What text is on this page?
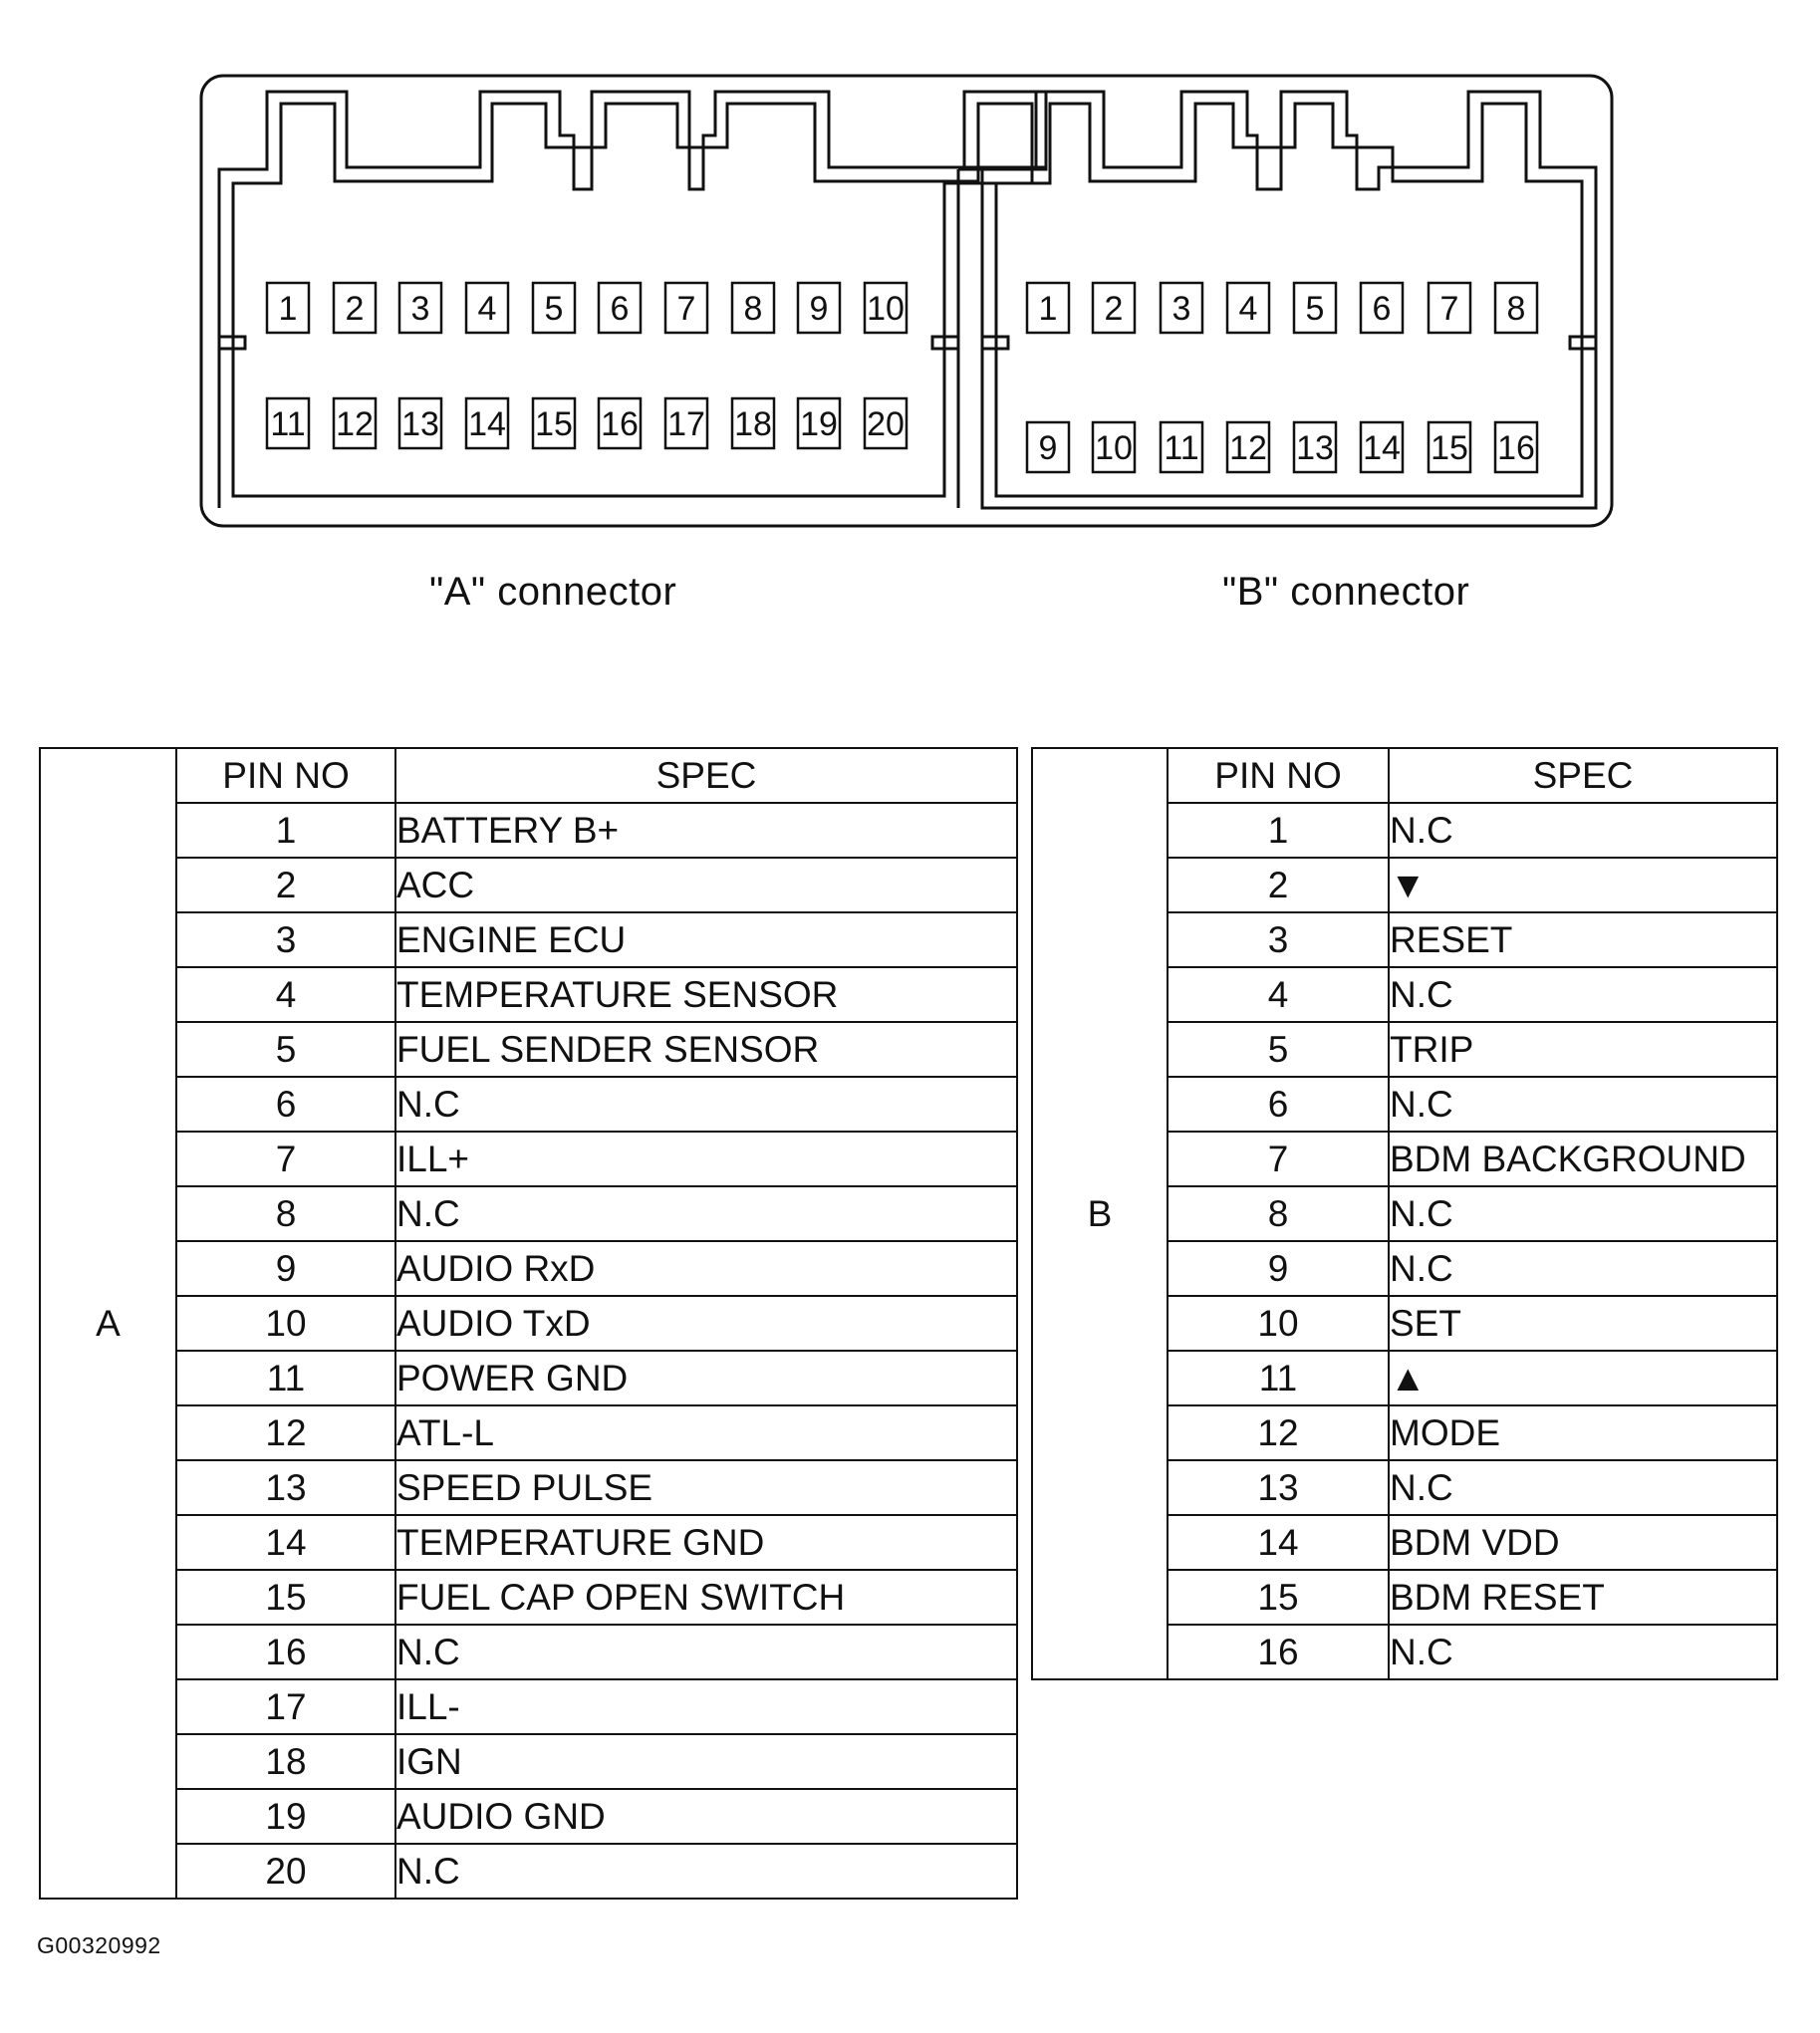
1 2 3 4 5 6 7 8 9 10
11 12 13 14 15 16 17 18 19 20
1 2 3 4 5 6 7 8
9 10 11 12 13 14 15 16
"A" connector	"B" connector
A	PIN NO	SPEC
	1	BATTERY B+
	2	ACC
	3	ENGINE ECU
	4	TEMPERATURE SENSOR
	5	FUEL SENDER SENSOR
	6	N.C
	7	ILL+
	8	N.C
	9	AUDIO RxD
	10	AUDIO TxD
	11	POWER GND
	12	ATL-L
	13	SPEED PULSE
	14	TEMPERATURE GND
	15	FUEL CAP OPEN SWITCH
	16	N.C
	17	ILL-
	18	IGN
	19	AUDIO GND
	20	N.C
B	PIN NO	SPEC
	1	N.C
	2	▼
	3	RESET
	4	N.C
	5	TRIP
	6	N.C
	7	BDM BACKGROUND
	8	N.C
	9	N.C
	10	SET
	11	▲
	12	MODE
	13	N.C
	14	BDM VDD
	15	BDM RESET
	16	N.C
G00320992
